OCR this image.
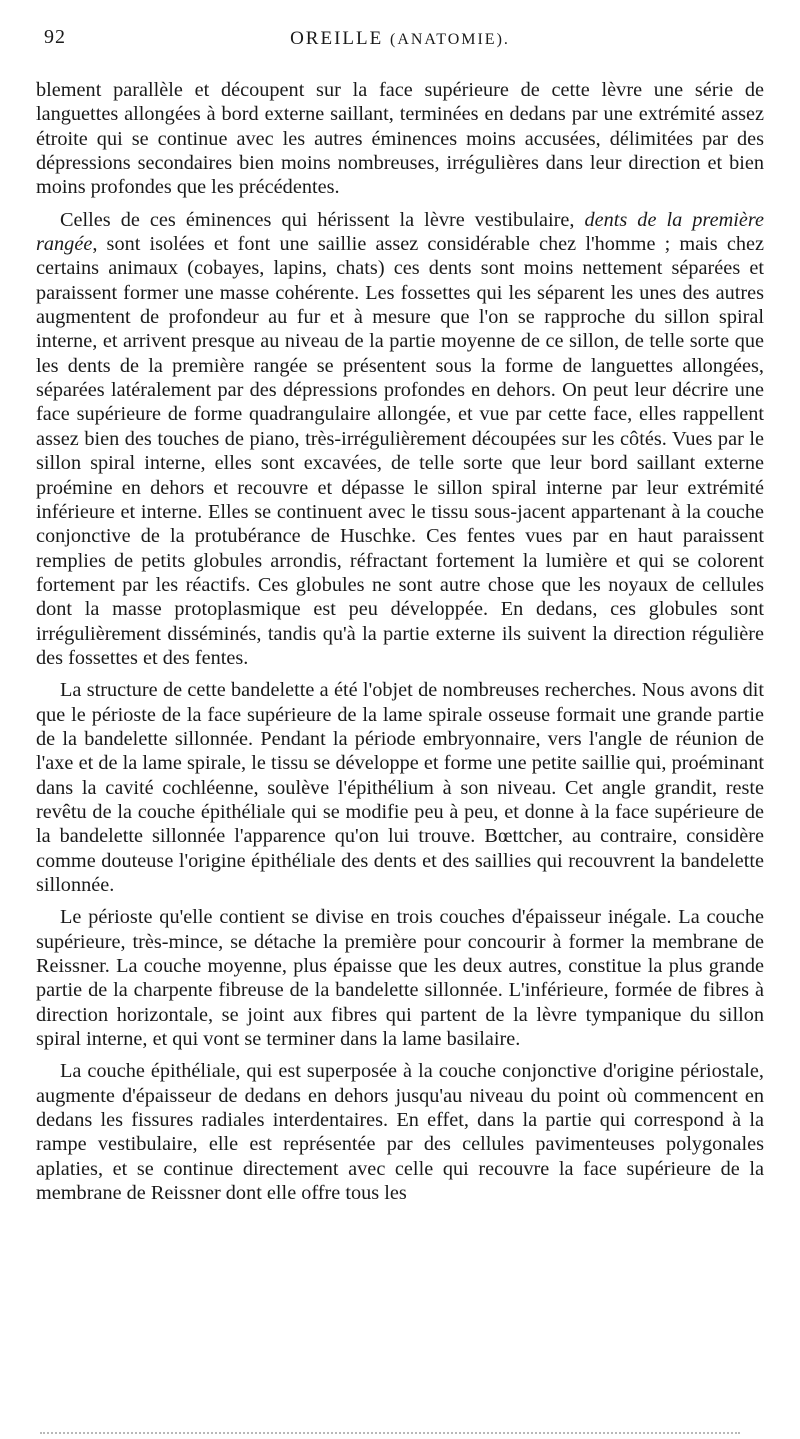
92	OREILLE (ANATOMIE).

blement parallèle et découpent sur la face supérieure de cette lèvre une série de languettes allongées à bord externe saillant, terminées en dedans par une extrémité assez étroite qui se continue avec les autres éminences moins accusées, délimitées par des dépressions secondaires bien moins nombreuses, irrégulières dans leur direction et bien moins profondes que les précédentes.

Celles de ces éminences qui hérissent la lèvre vestibulaire, dents de la première rangée, sont isolées et font une saillie assez considérable chez l'homme ; mais chez certains animaux (cobayes, lapins, chats) ces dents sont moins nettement séparées et paraissent former une masse cohérente. Les fossettes qui les séparent les unes des autres augmentent de profondeur au fur et à mesure que l'on se rapproche du sillon spiral interne, et arrivent presque au niveau de la partie moyenne de ce sillon, de telle sorte que les dents de la première rangée se présentent sous la forme de languettes allongées, séparées latéralement par des dépressions profondes en dehors. On peut leur décrire une face supérieure de forme quadrangulaire allongée, et vue par cette face, elles rappellent assez bien des touches de piano, très-irrégulièrement découpées sur les côtés. Vues par le sillon spiral interne, elles sont excavées, de telle sorte que leur bord saillant externe proémine en dehors et recouvre et dépasse le sillon spiral interne par leur extrémité inférieure et interne. Elles se continuent avec le tissu sous-jacent appartenant à la couche conjonctive de la protubérance de Huschke. Ces fentes vues par en haut paraissent remplies de petits globules arrondis, réfractant fortement la lumière et qui se colorent fortement par les réactifs. Ces globules ne sont autre chose que les noyaux de cellules dont la masse protoplasmique est peu développée. En dedans, ces globules sont irrégulièrement disséminés, tandis qu'à la partie externe ils suivent la direction régulière des fossettes et des fentes.

La structure de cette bandelette a été l'objet de nombreuses recherches. Nous avons dit que le périoste de la face supérieure de la lame spirale osseuse formait une grande partie de la bandelette sillonnée. Pendant la période embryonnaire, vers l'angle de réunion de l'axe et de la lame spirale, le tissu se développe et forme une petite saillie qui, proéminant dans la cavité cochléenne, soulève l'épithélium à son niveau. Cet angle grandit, reste revêtu de la couche épithéliale qui se modifie peu à peu, et donne à la face supérieure de la bandelette sillonnée l'apparence qu'on lui trouve. Bœttcher, au contraire, considère comme douteuse l'origine épithéliale des dents et des saillies qui recouvrent la bandelette sillonnée.

Le périoste qu'elle contient se divise en trois couches d'épaisseur inégale. La couche supérieure, très-mince, se détache la première pour concourir à former la membrane de Reissner. La couche moyenne, plus épaisse que les deux autres, constitue la plus grande partie de la charpente fibreuse de la bandelette sillonnée. L'inférieure, formée de fibres à direction horizontale, se joint aux fibres qui partent de la lèvre tympanique du sillon spiral interne, et qui vont se terminer dans la lame basilaire.

La couche épithéliale, qui est superposée à la couche conjonctive d'origine périostale, augmente d'épaisseur de dedans en dehors jusqu'au niveau du point où commencent en dedans les fissures radiales interdentaires. En effet, dans la partie qui correspond à la rampe vestibulaire, elle est représentée par des cellules pavimenteuses polygonales aplaties, et se continue directement avec celle qui recouvre la face supérieure de la membrane de Reissner dont elle offre tous les
